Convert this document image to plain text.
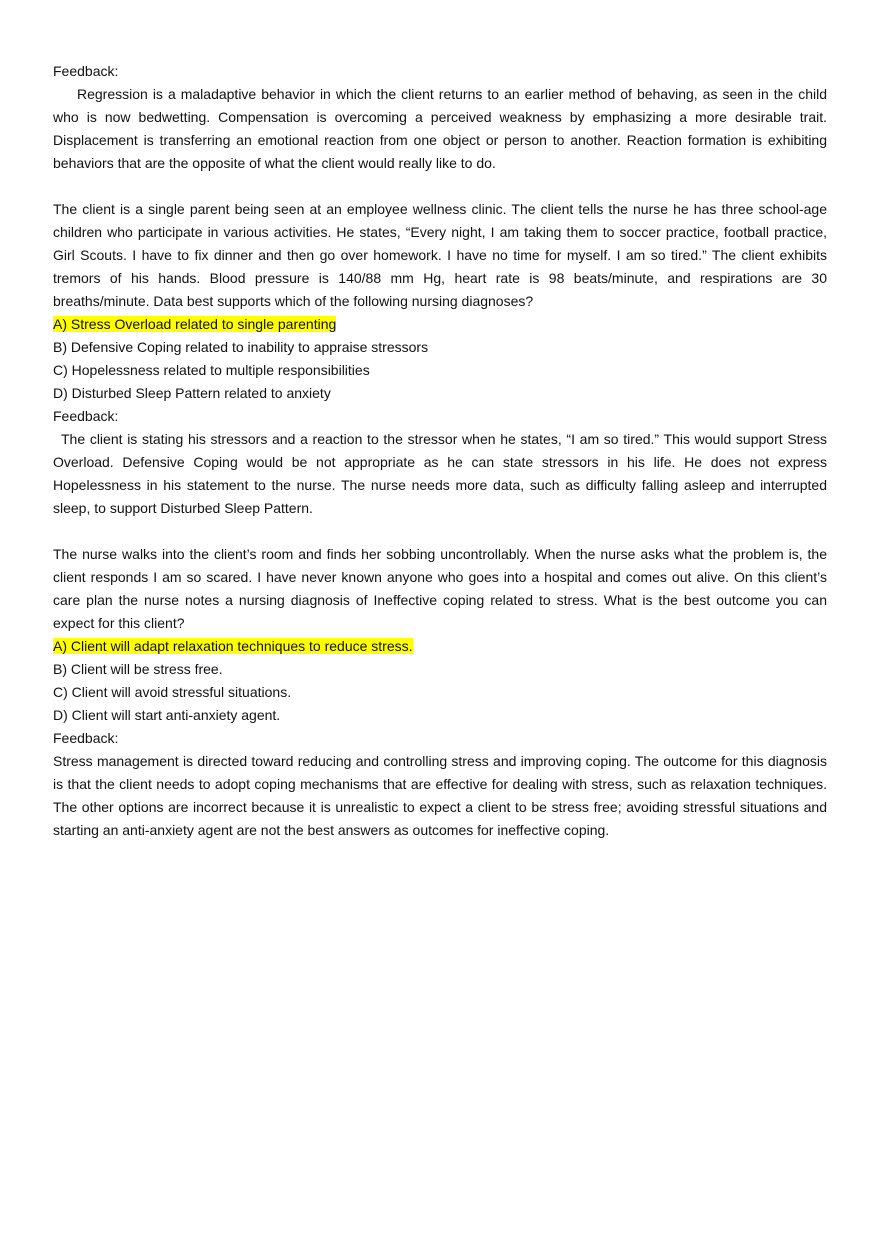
Feedback:

Regression is a maladaptive behavior in which the client returns to an earlier method of behaving, as seen in the child who is now bedwetting. Compensation is overcoming a perceived weakness by emphasizing a more desirable trait. Displacement is transferring an emotional reaction from one object or person to another. Reaction formation is exhibiting behaviors that are the opposite of what the client would really like to do.

The client is a single parent being seen at an employee wellness clinic. The client tells the nurse he has three school-age children who participate in various activities. He states, “Every night, I am taking them to soccer practice, football practice, Girl Scouts. I have to fix dinner and then go over homework. I have no time for myself. I am so tired.” The client exhibits tremors of his hands. Blood pressure is 140/88 mm Hg, heart rate is 98 beats/minute, and respirations are 30 breaths/minute. Data best supports which of the following nursing diagnoses?

A) Stress Overload related to single parenting

B) Defensive Coping related to inability to appraise stressors

C) Hopelessness related to multiple responsibilities

D) Disturbed Sleep Pattern related to anxiety

Feedback:

The client is stating his stressors and a reaction to the stressor when he states, “I am so tired.” This would support Stress Overload. Defensive Coping would be not appropriate as he can state stressors in his life. He does not express Hopelessness in his statement to the nurse. The nurse needs more data, such as difficulty falling asleep and interrupted sleep, to support Disturbed Sleep Pattern.

The nurse walks into the client’s room and finds her sobbing uncontrollably. When the nurse asks what the problem is, the client responds I am so scared. I have never known anyone who goes into a hospital and comes out alive. On this client’s care plan the nurse notes a nursing diagnosis of Ineffective coping related to stress. What is the best outcome you can expect for this client?

A) Client will adapt relaxation techniques to reduce stress.

B) Client will be stress free.

C) Client will avoid stressful situations.

D) Client will start anti-anxiety agent.

Feedback:

Stress management is directed toward reducing and controlling stress and improving coping. The outcome for this diagnosis is that the client needs to adopt coping mechanisms that are effective for dealing with stress, such as relaxation techniques. The other options are incorrect because it is unrealistic to expect a client to be stress free; avoiding stressful situations and starting an anti-anxiety agent are not the best answers as outcomes for ineffective coping.
